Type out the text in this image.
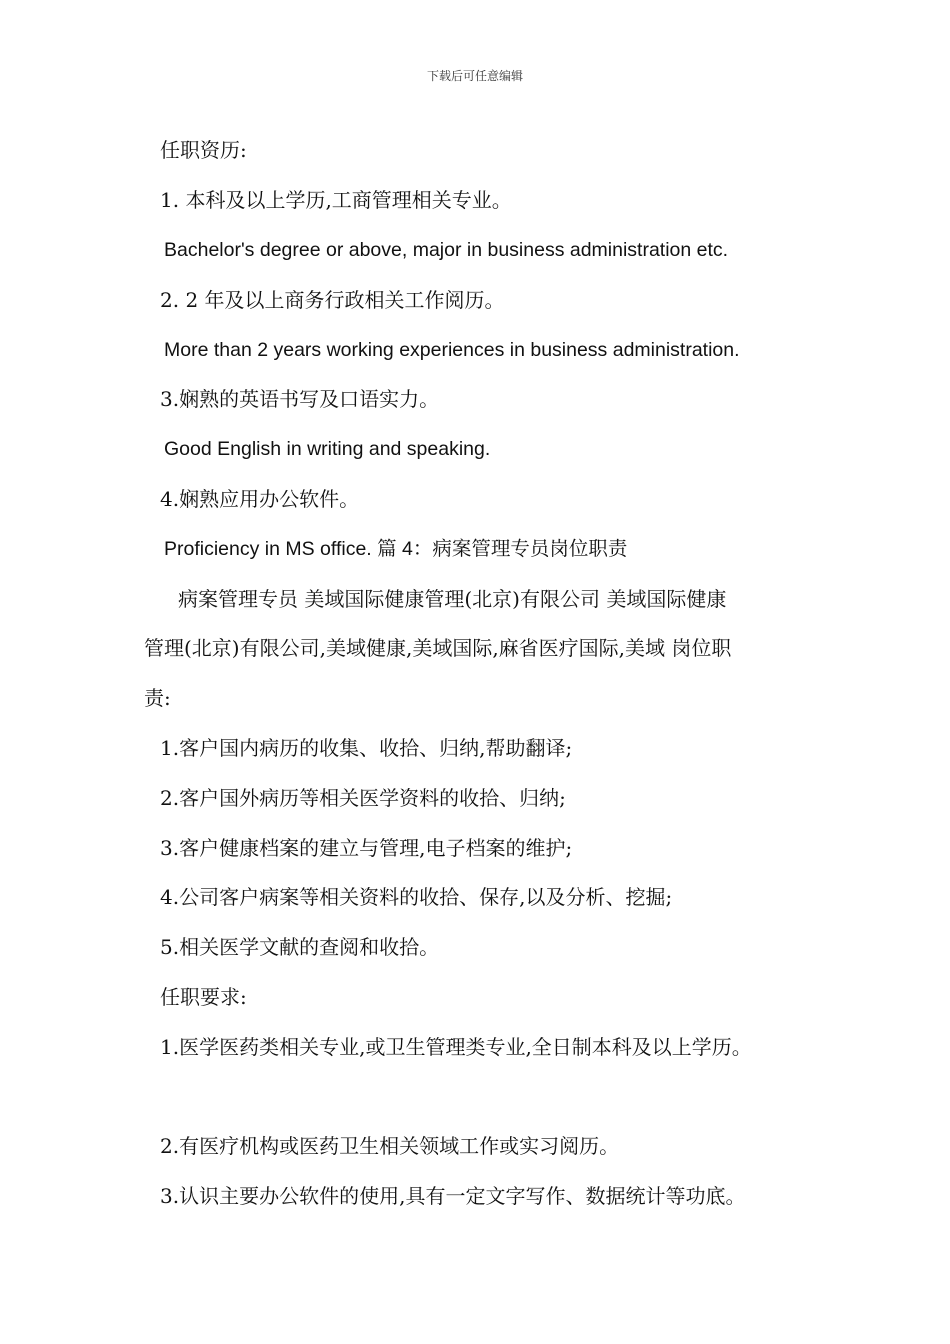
下载后可任意编辑
任职资历:
1. 本科及以上学历,工商管理相关专业。
Bachelor's degree or above, major in business administration etc.
2. 2 年及以上商务行政相关工作阅历。
More than 2 years working experiences in business administration.
3.娴熟的英语书写及口语实力。
Good English in writing and speaking.
4.娴熟应用办公软件。
Proficiency in MS office. 篇 4：病案管理专员岗位职责
病案管理专员 美域国际健康管理(北京)有限公司 美域国际健康
管理(北京)有限公司,美域健康,美域国际,麻省医疗国际,美域 岗位职
责:
1.客户国内病历的收集、收拾、归纳,帮助翻译;
2.客户国外病历等相关医学资料的收拾、归纳;
3.客户健康档案的建立与管理,电子档案的维护;
4.公司客户病案等相关资料的收拾、保存,以及分析、挖掘;
5.相关医学文献的查阅和收拾。
任职要求:
1.医学医药类相关专业,或卫生管理类专业,全日制本科及以上学历。
2.有医疗机构或医药卫生相关领域工作或实习阅历。
3.认识主要办公软件的使用,具有一定文字写作、数据统计等功底。
